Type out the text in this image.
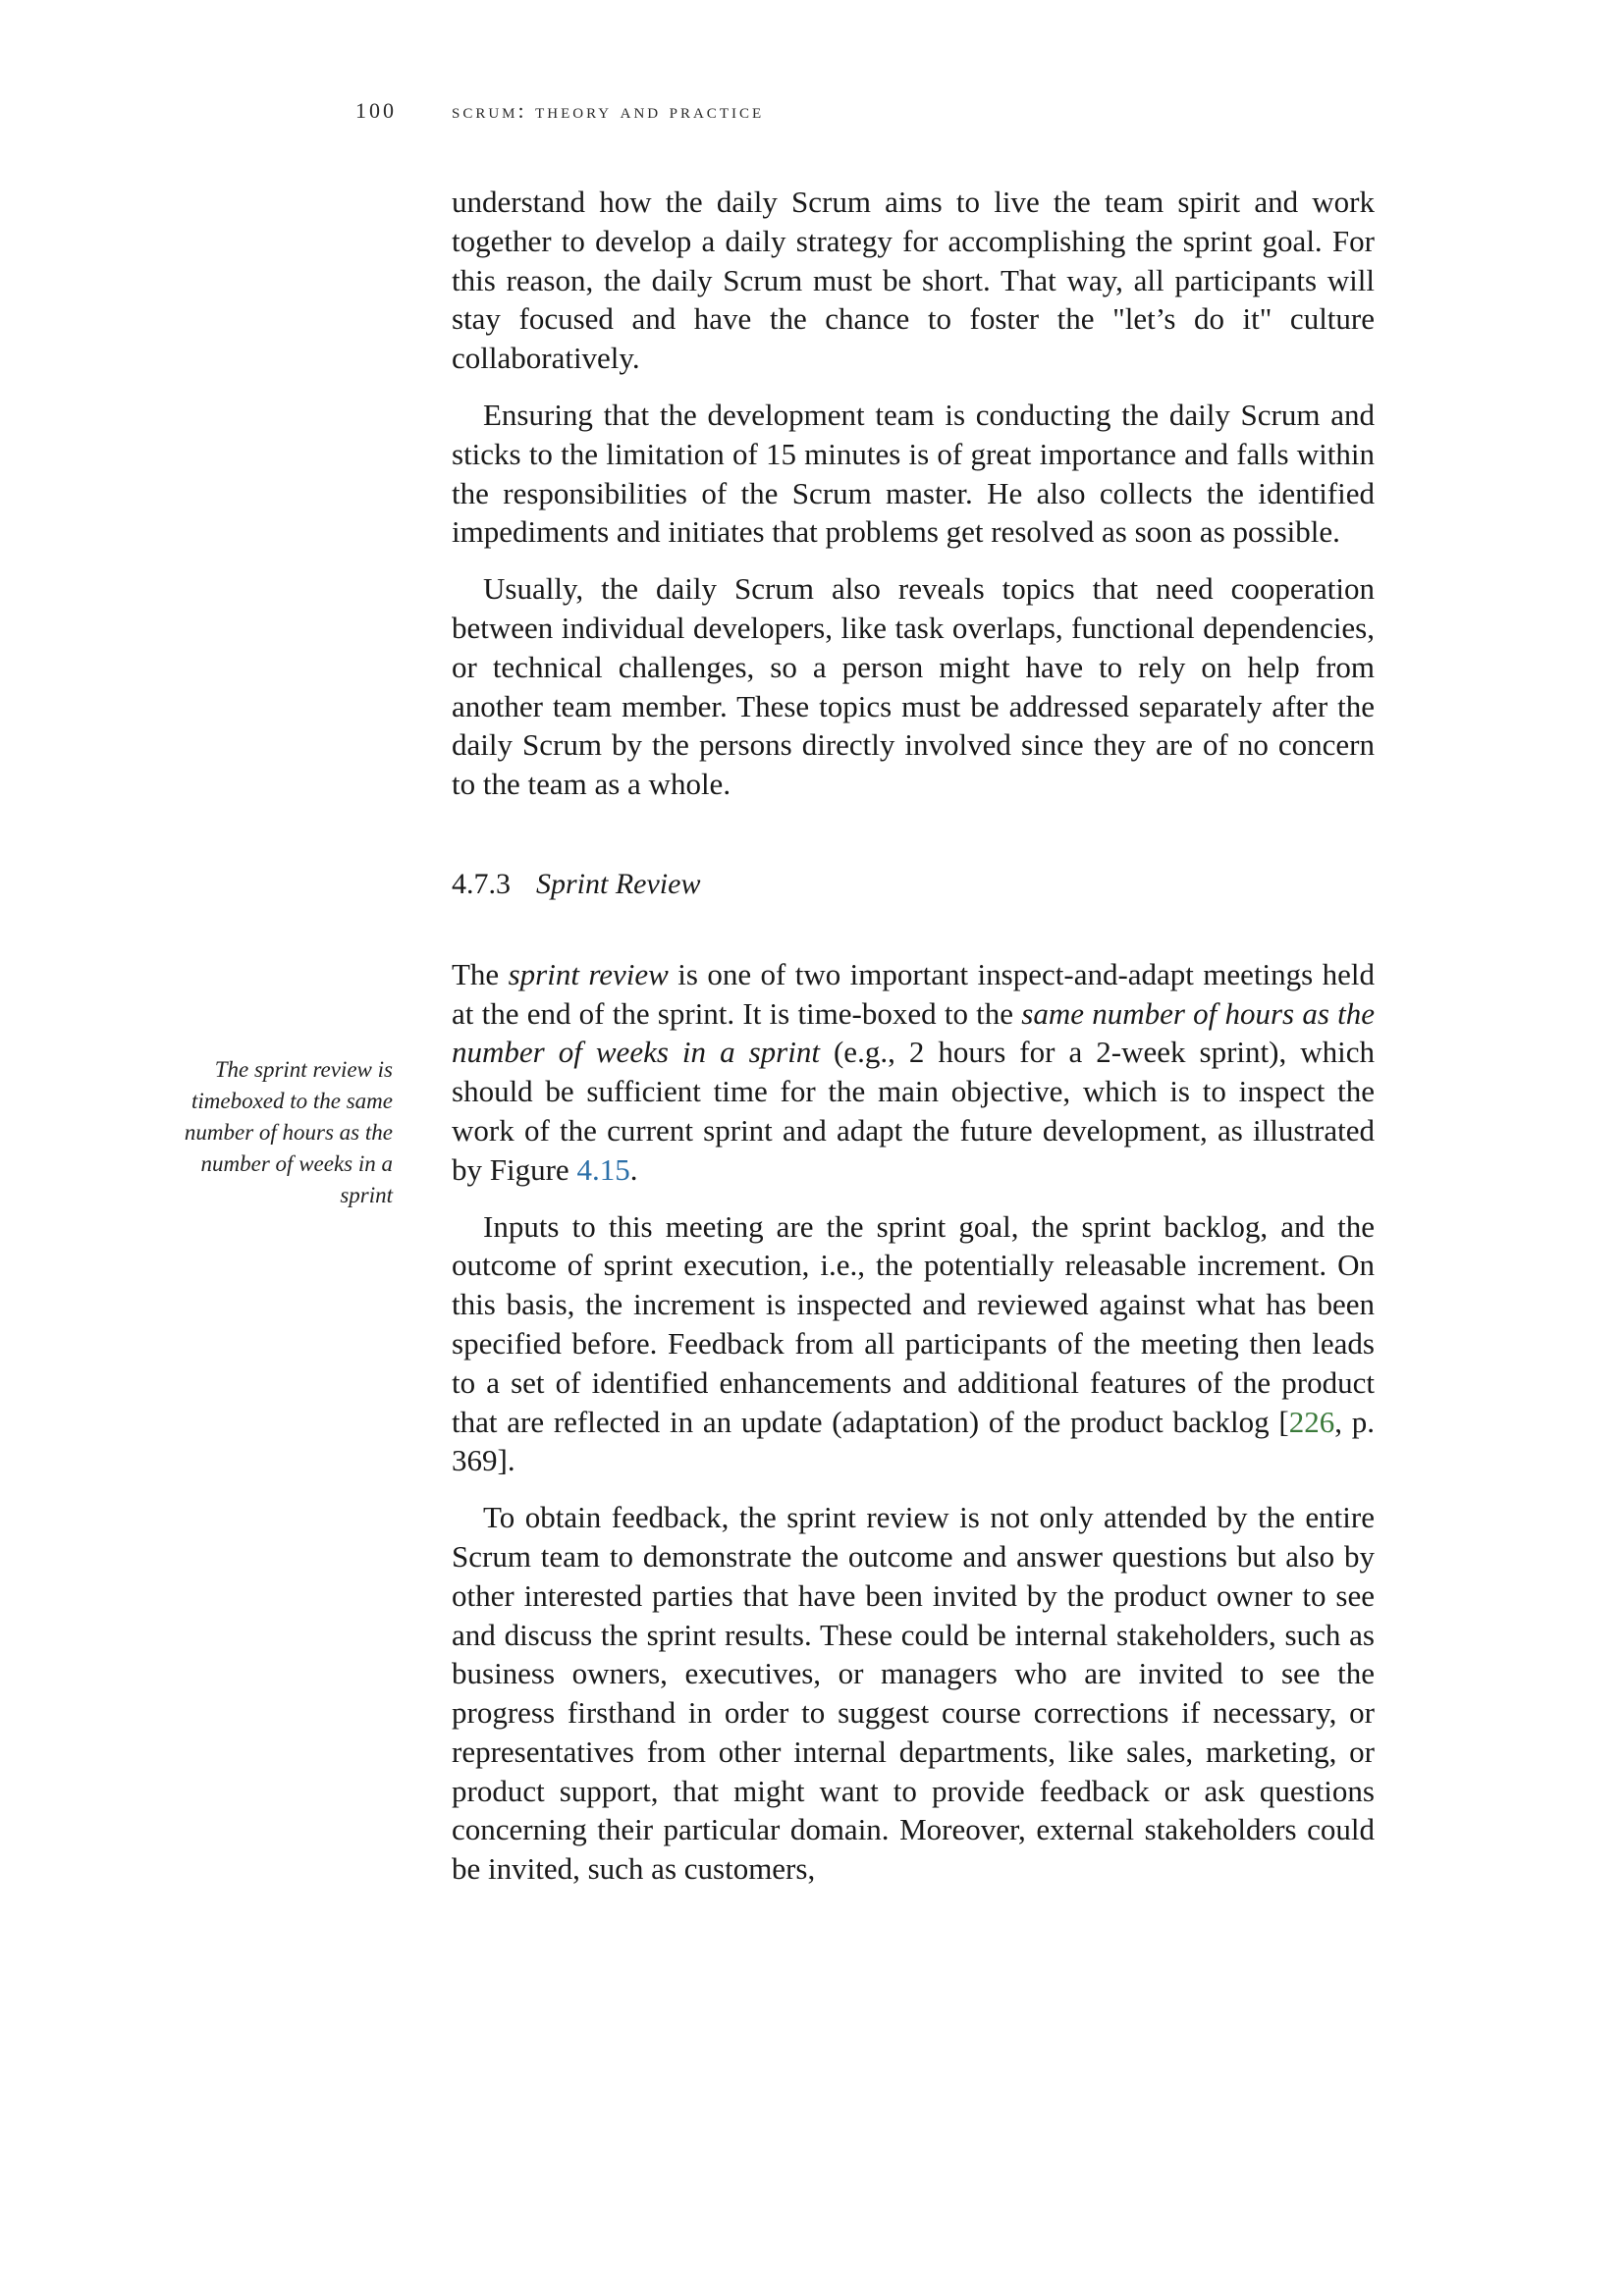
100	scrum: theory and practice
The sprint review is timeboxed to the same number of hours as the number of weeks in a sprint

understand how the daily Scrum aims to live the team spirit and work together to develop a daily strategy for accomplishing the sprint goal. For this reason, the daily Scrum must be short. That way, all participants will stay focused and have the chance to foster the "let’s do it" culture collaboratively.

Ensuring that the development team is conducting the daily Scrum and sticks to the limitation of 15 minutes is of great importance and falls within the responsibilities of the Scrum master. He also collects the identified impediments and initiates that problems get resolved as soon as possible.

Usually, the daily Scrum also reveals topics that need cooperation between individual developers, like task overlaps, functional dependencies, or technical challenges, so a person might have to rely on help from another team member. These topics must be addressed separately after the daily Scrum by the persons directly involved since they are of no concern to the team as a whole.

4.7.3 Sprint Review

The sprint review is one of two important inspect-and-adapt meetings held at the end of the sprint. It is time-boxed to the same number of hours as the number of weeks in a sprint (e.g., 2 hours for a 2-week sprint), which should be sufficient time for the main objective, which is to inspect the work of the current sprint and adapt the future development, as illustrated by Figure 4.15.

Inputs to this meeting are the sprint goal, the sprint backlog, and the outcome of sprint execution, i.e., the potentially releasable increment. On this basis, the increment is inspected and reviewed against what has been specified before. Feedback from all participants of the meeting then leads to a set of identified enhancements and additional features of the product that are reflected in an update (adaptation) of the product backlog [226, p. 369].

To obtain feedback, the sprint review is not only attended by the entire Scrum team to demonstrate the outcome and answer questions but also by other interested parties that have been invited by the product owner to see and discuss the sprint results. These could be internal stakeholders, such as business owners, executives, or managers who are invited to see the progress firsthand in order to suggest course corrections if necessary, or representatives from other internal departments, like sales, marketing, or product support, that might want to provide feedback or ask questions concerning their particular domain. Moreover, external stakeholders could be invited, such as customers,
